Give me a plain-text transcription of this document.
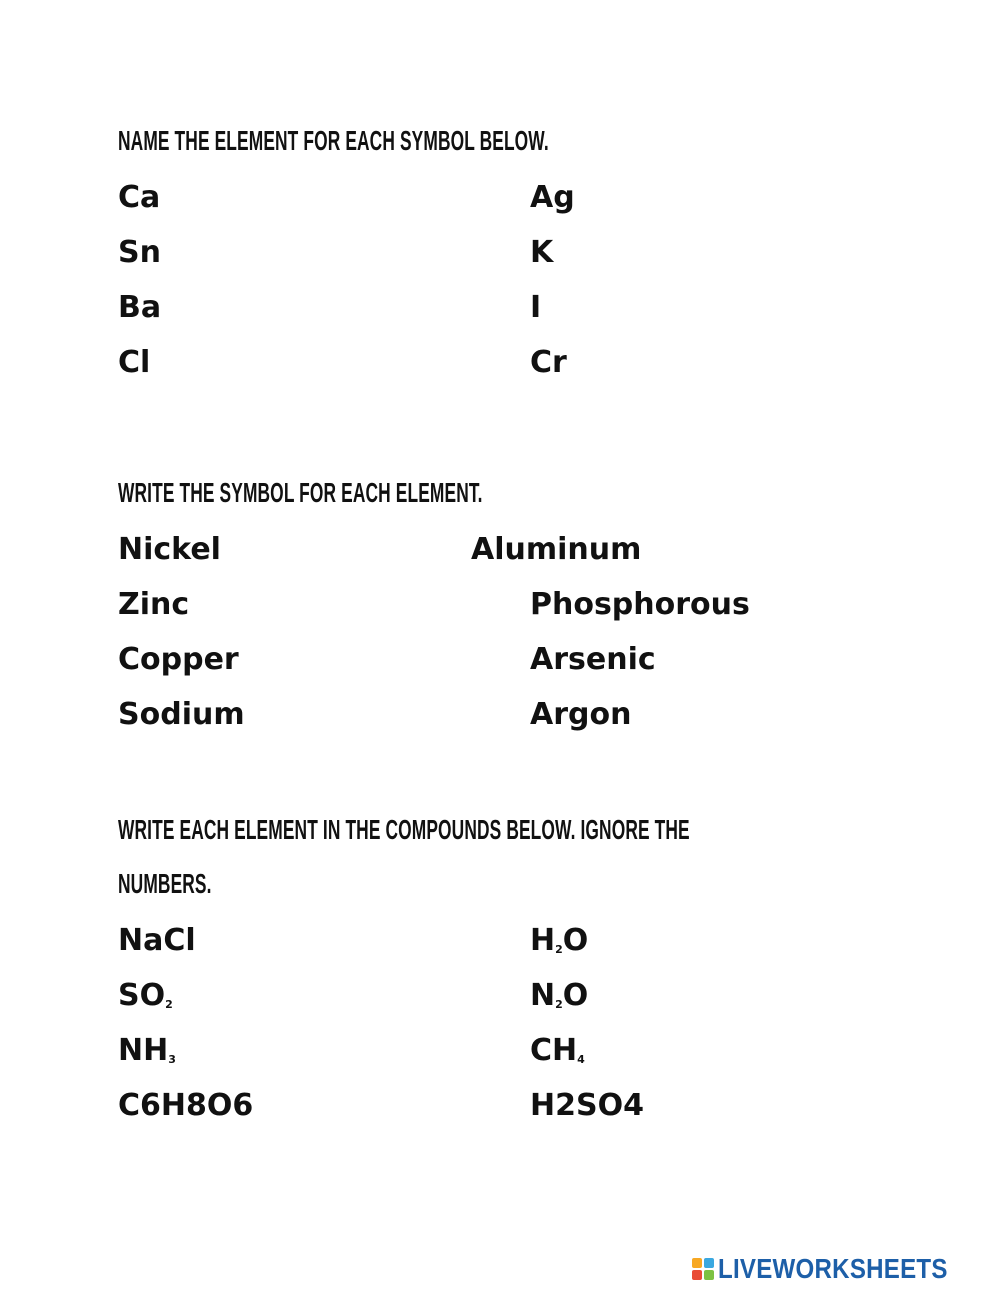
NAME THE ELEMENT FOR EACH SYMBOL BELOW.
Ca
Sn
Ba
Cl
Ag
K
I
Cr
WRITE THE SYMBOL FOR EACH ELEMENT.
Nickel
Zinc
Copper
Sodium
Aluminum
Phosphorous
Arsenic
Argon
WRITE EACH ELEMENT IN THE COMPOUNDS BELOW. IGNORE THE
NUMBERS.
NaCl
$SO_2$
$NH_3$
C6H8O6
$H_2O$
$N_2O$
$CH_4$
H2SO4
LIVEWORKSHEETS
